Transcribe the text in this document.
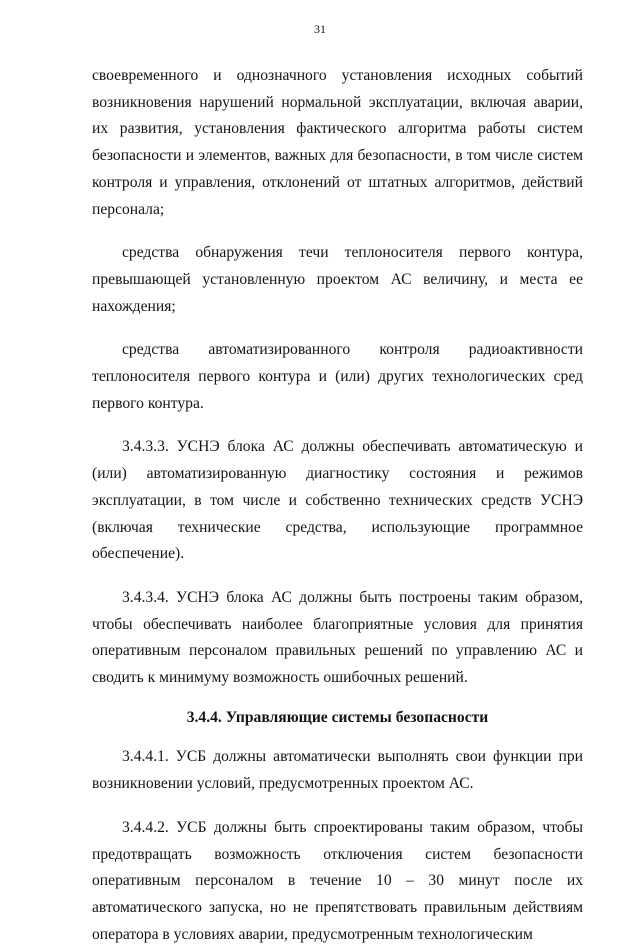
31

своевременного и однозначного установления исходных событий возникновения нарушений нормальной эксплуатации, включая аварии, их развития, установления фактического алгоритма работы систем безопасности и элементов, важных для безопасности, в том числе систем контроля и управления, отклонений от штатных алгоритмов, действий персонала;

средства обнаружения течи теплоносителя первого контура, превышающей установленную проектом АС величину, и места ее нахождения;

средства автоматизированного контроля радиоактивности теплоносителя первого контура и (или) других технологических сред первого контура.

3.4.3.3. УСНЭ блока АС должны обеспечивать автоматическую и (или) автоматизированную диагностику состояния и режимов эксплуатации, в том числе и собственно технических средств УСНЭ (включая технические средства, использующие программное обеспечение).

3.4.3.4. УСНЭ блока АС должны быть построены таким образом, чтобы обеспечивать наиболее благоприятные условия для принятия оперативным персоналом правильных решений по управлению АС и сводить к минимуму возможность ошибочных решений.

3.4.4. Управляющие системы безопасности

3.4.4.1. УСБ должны автоматически выполнять свои функции при возникновении условий, предусмотренных проектом АС.

3.4.4.2. УСБ должны быть спроектированы таким образом, чтобы предотвращать возможность отключения систем безопасности оперативным персоналом в течение 10 – 30 минут после их автоматического запуска, но не препятствовать правильным действиям оператора в условиях аварии, предусмотренным технологическим
